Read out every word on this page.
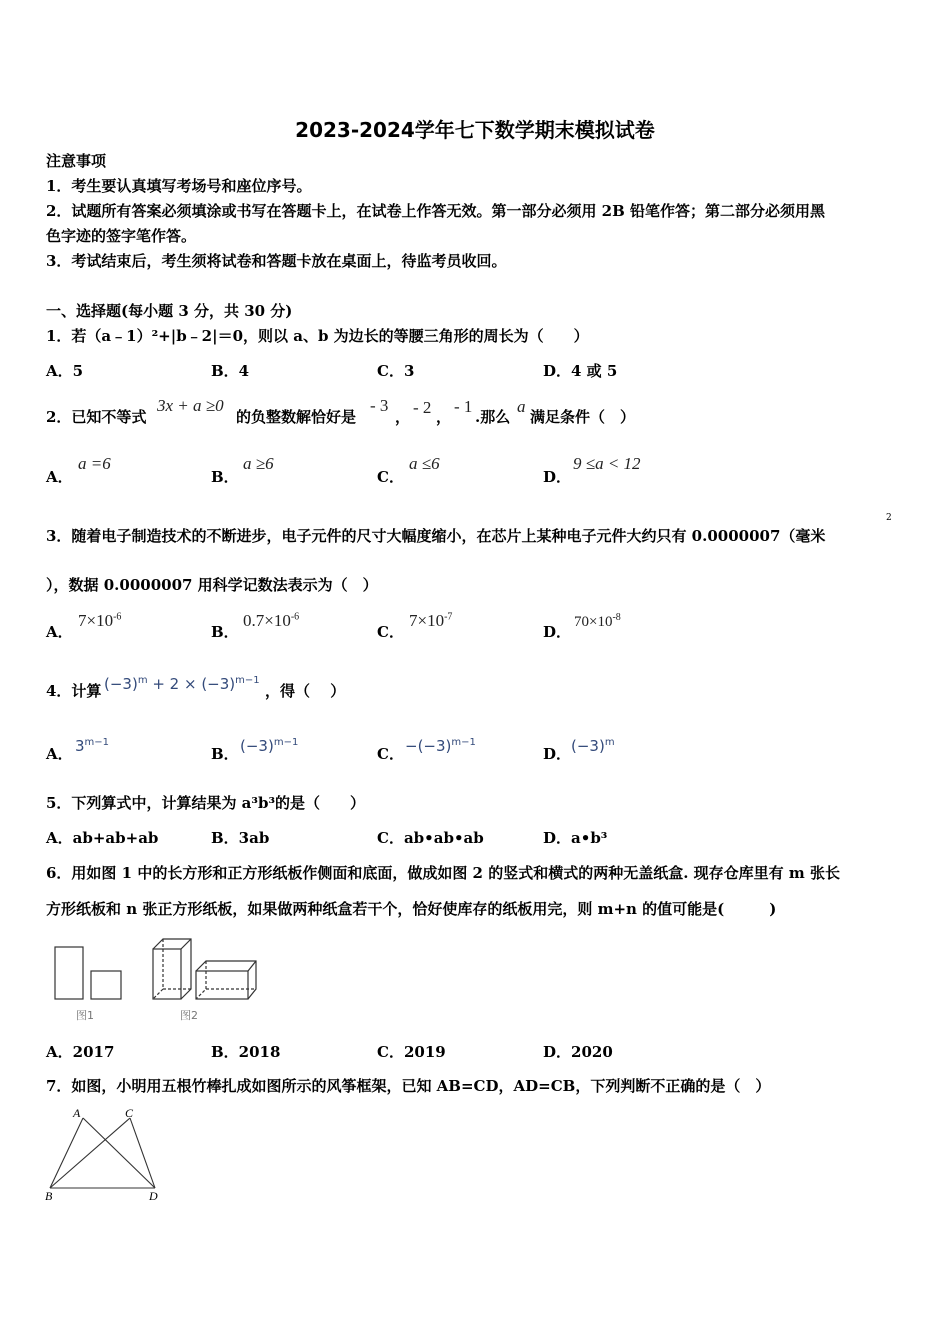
2023-2024学年七下数学期末模拟试卷
注意事项
1．考生要认真填写考场号和座位序号。
2．试题所有答案必须填涂或书写在答题卡上，在试卷上作答无效。第一部分必须用 2B 铅笔作答；第二部分必须用黑
色字迹的签字笔作答。
3．考试结束后，考生须将试卷和答题卡放在桌面上，待监考员收回。
一、选择题(每小题 3 分，共 30 分)
1．若（a﹣1）²+|b﹣2|＝0，则以 a、b 为边长的等腰三角形的周长为（　　）
A．5	B．4	C．3	D．4 或 5
2．已知不等式
3x + a ≥0
的负整数解恰好是
- 3
， - 2 ，
- 1
.那么
a
满足条件（　）
A．
a =6
B．
a ≥6
C．
a ≤6
D．
9 ≤a < 12
3．随着电子制造技术的不断进步，电子元件的尺寸大幅度缩小，在芯片上某种电子元件大约只有 0.0000007（毫米
2
），数据 0.0000007 用科学记数法表示为（　）
A．
$7\times 10^{-6}$
B．
$0.7\times 10^{-6}$
C．
$7\times 10^{-7}$
D．
$70\times 10^{-8}$
4．计算 $(-3)^m + 2 \times (-3)^{m-1}$
，得（　 ）
A． $3^{m-1}$
B． $(-3)^{m-1}$
C． $-(-3)^{m-1}$
D． $(-3)^m$
5．下列算式中，计算结果为 a³b³的是（　　）
A．ab+ab+ab	B．3ab	C．ab•ab•ab	D．a•b³
6．用如图 1 中的长方形和正方形纸板作侧面和底面，做成如图 2 的竖式和横式的两种无盖纸盒. 现存仓库里有 m 张长
方形纸板和 n 张正方形纸板，如果做两种纸盒若干个，恰好使库存的纸板用完，则 m+n 的值可能是(　　　)
图1	图2
A．2017	B．2018	C．2019	D．2020
7．如图，小明用五根竹棒扎成如图所示的风筝框架，已知 AB=CD，AD=CB，下列判断不正确的是（　）
A	C
B	D
